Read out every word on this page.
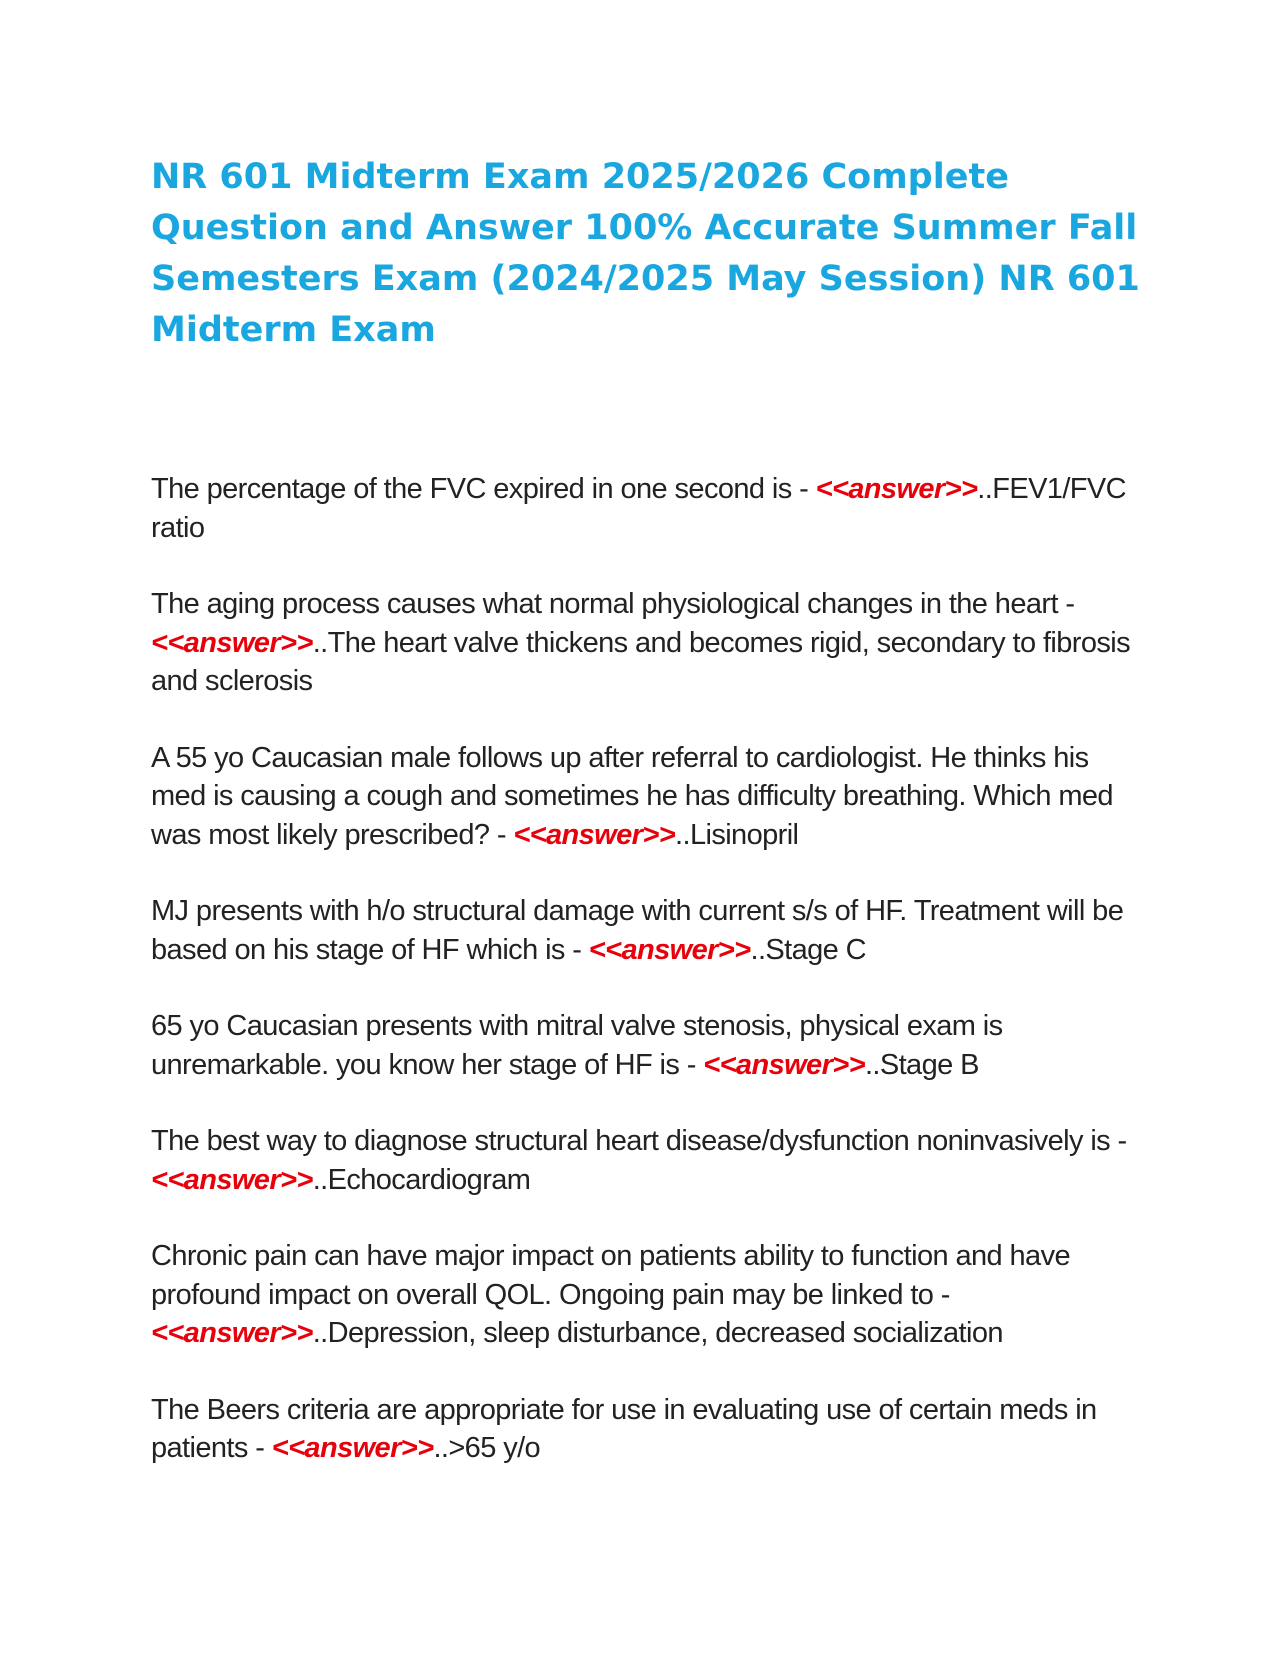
NR 601 Midterm Exam 2025/2026 Complete Question and Answer 100% Accurate Summer Fall Semesters Exam (2024/2025 May Session) NR 601 Midterm Exam

The percentage of the FVC expired in one second is - <<answer>>..FEV1/FVC ratio

The aging process causes what normal physiological changes in the heart - <<answer>>..The heart valve thickens and becomes rigid, secondary to fibrosis and sclerosis

A 55 yo Caucasian male follows up after referral to cardiologist. He thinks his med is causing a cough and sometimes he has difficulty breathing. Which med was most likely prescribed? - <<answer>>..Lisinopril

MJ presents with h/o structural damage with current s/s of HF. Treatment will be based on his stage of HF which is - <<answer>>..Stage C

65 yo Caucasian presents with mitral valve stenosis, physical exam is unremarkable. you know her stage of HF is - <<answer>>..Stage B

The best way to diagnose structural heart disease/dysfunction noninvasively is - <<answer>>..Echocardiogram

Chronic pain can have major impact on patients ability to function and have profound impact on overall QOL. Ongoing pain may be linked to - <<answer>>..Depression, sleep disturbance, decreased socialization

The Beers criteria are appropriate for use in evaluating use of certain meds in patients - <<answer>>..>65 y/o
